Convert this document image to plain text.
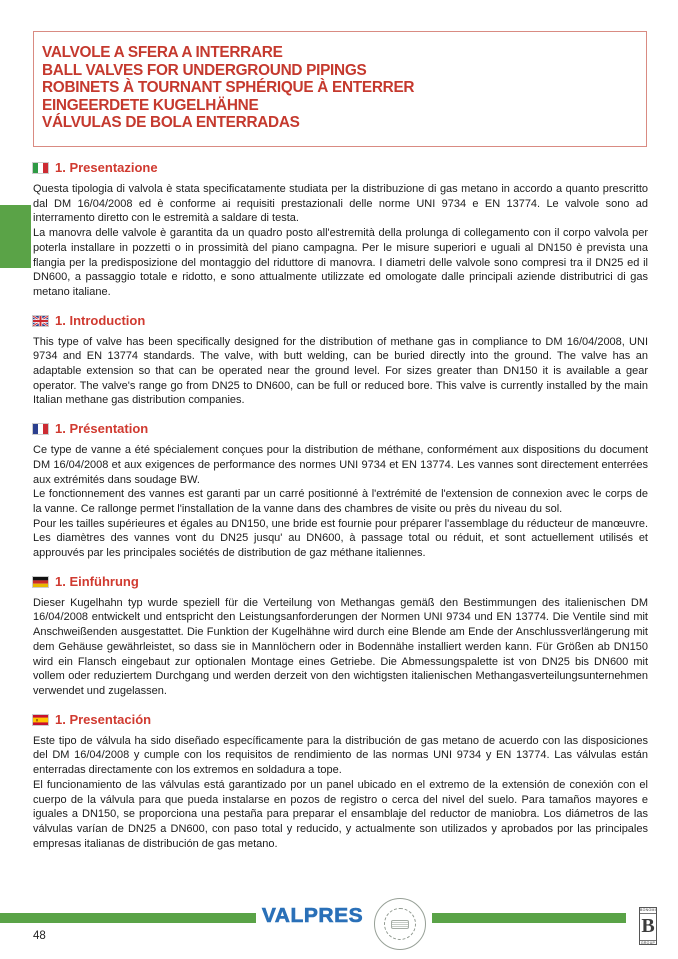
VALVOLE A SFERA A INTERRARE
BALL VALVES FOR UNDERGROUND PIPINGS
ROBINETS À TOURNANT SPHÉRIQUE À ENTERRER
EINGEERDETE KUGELHÄHNE
VÁLVULAS DE BOLA ENTERRADAS
1. Presentazione

Questa tipologia di valvola è stata specificatamente studiata per la distribuzione di gas metano in accordo a quanto prescritto dal DM 16/04/2008 ed è conforme ai requisiti prestazionali delle norme UNI 9734 e EN 13774. Le valvole sono ad interramento diretto con le estremità a saldare di testa.

La manovra delle valvole è garantita da un quadro posto all'estremità della prolunga di collegamento con il corpo valvola per poterla installare in pozzetti o in prossimità del piano campagna. Per le misure superiori e uguali al DN150 è prevista una flangia per la predisposizione del montaggio del riduttore di manovra. I diametri delle valvole sono compresi tra il DN25 ed il DN600, a passaggio totale e ridotto, e sono attualmente utilizzate ed omologate dalle principali aziende distributrici di gas metano italiane.

1. Introduction

This type of valve has been specifically designed for the distribution of methane gas in compliance to DM 16/04/2008, UNI 9734 and EN 13774 standards. The valve, with butt welding, can be buried directly into the ground. The valve has an adaptable extension so that can be operated near the ground level. For sizes greater than DN150 it is available a gear operator. The valve's range go from DN25 to DN600, can be full or reduced bore. This valve is currently installed by the main Italian methane gas distribution companies.

1. Présentation

Ce type de vanne a été spécialement conçues pour la distribution de méthane, conformément aux dispositions du document DM 16/04/2008 et aux exigences de performance des normes UNI 9734 et EN 13774. Les vannes sont directement enterrées aux extrémités dans soudage BW.

Le fonctionnement des vannes est garanti par un carré positionné à l'extrémité de l'extension de connexion avec le corps de la vanne. Ce rallonge permet l'installation de la vanne dans des chambres de visite ou près du niveau du sol.

Pour les tailles supérieures et égales au DN150, une bride est fournie pour préparer l'assemblage du réducteur de manœuvre. Les diamètres des vannes vont du DN25 jusqu' au DN600, à passage total ou réduit, et sont actuellement utilisés et approuvés par les principales sociétés de distribution de gaz méthane italiennes.

1. Einführung

Dieser Kugelhahn typ wurde speziell für die Verteilung von Methangas gemäß den Bestimmungen des italienischen DM 16/04/2008 entwickelt und entspricht den Leistungsanforderungen der Normen UNI 9734 und EN 13774. Die Ventile sind mit Anschweißenden ausgestattet. Die Funktion der Kugelhähne wird durch eine Blende am Ende der Anschlussverlängerung mit dem Gehäuse gewährleistet, so dass sie in Mannlöchern oder in Bodennähe installiert werden kann. Für Größen ab DN150 wird ein Flansch eingebaut zur optionalen Montage eines Getriebe. Die Abmessungspalette ist von DN25 bis DN600 mit vollem oder reduziertem Durchgang und werden derzeit von den wichtigsten italienischen Methangasverteilungsunternehmen verwendet und zugelassen.

1. Presentación

Este tipo de válvula ha sido diseñado específicamente para la distribución de gas metano de acuerdo con las disposiciones del DM 16/04/2008 y cumple con los requisitos de rendimiento de las normas UNI 9734 y EN 13774. Las válvulas están enterradas directamente con los extremos en soldadura a tope.

El funcionamiento de las válvulas está garantizado por un panel ubicado en el extremo de la extensión de conexión con el cuerpo de la válvula para que pueda instalarse en pozos de registro o cerca del nivel del suelo. Para tamaños mayores e iguales a DN150, se proporciona una pestaña para preparar el ensamblaje del reductor de maniobra. Los diámetros de las válvulas varían de DN25 a DN600, con paso total y reducido, y actualmente son utilizados y aprobados por las principales empresas italianas de distribución de gas metano.

VALPRES	BONOMI
B
GROUP
48
